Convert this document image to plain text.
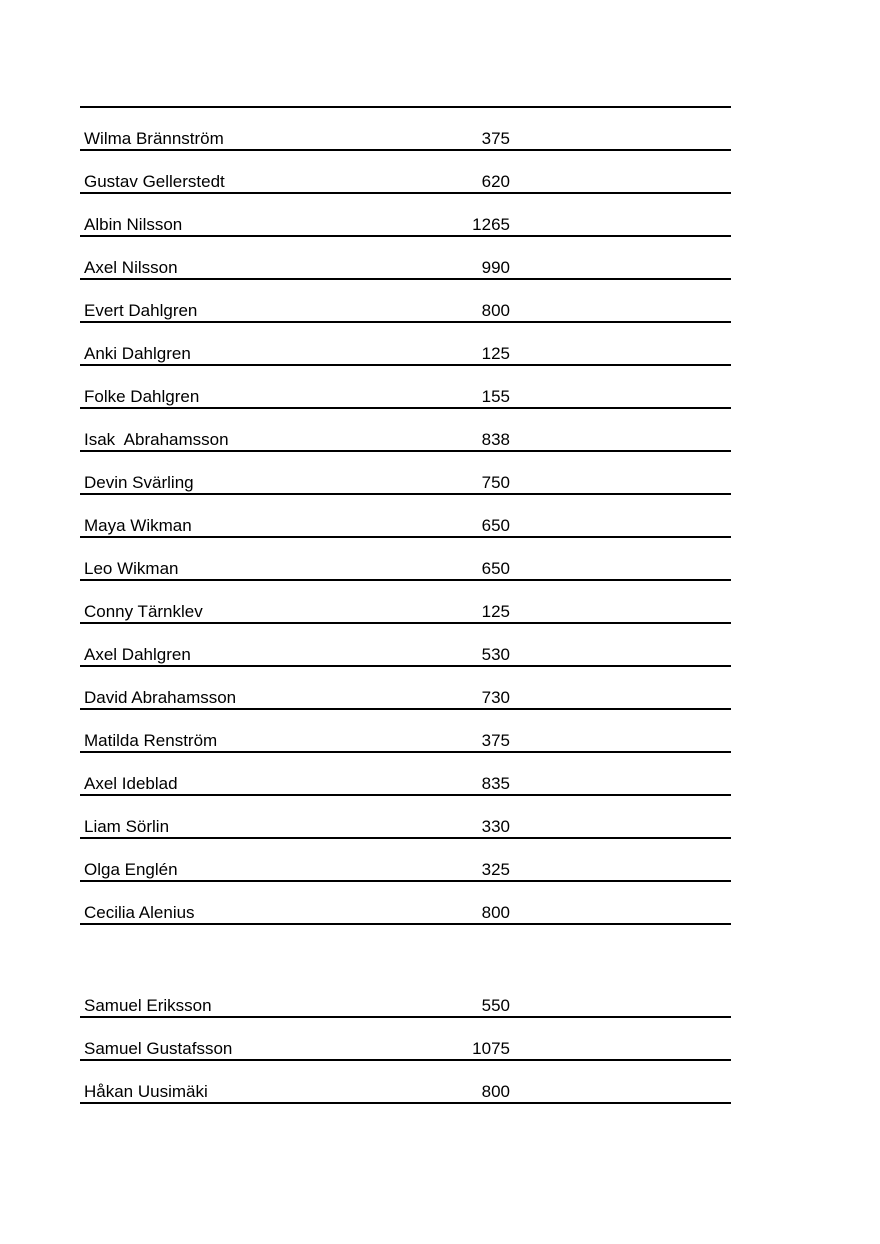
Wilma Brännström	375
Gustav Gellerstedt	620
Albin Nilsson	1265
Axel Nilsson	990
Evert Dahlgren	800
Anki Dahlgren	125
Folke Dahlgren	155
Isak  Abrahamsson	838
Devin Svärling	750
Maya Wikman	650
Leo Wikman	650
Conny Tärnklev	125
Axel Dahlgren	530
David Abrahamsson	730
Matilda Renström	375
Axel Ideblad	835
Liam Sörlin	330
Olga Englén	325
Cecilia Alenius	800
Samuel Eriksson	550
Samuel Gustafsson	1075
Håkan Uusimäki	800
